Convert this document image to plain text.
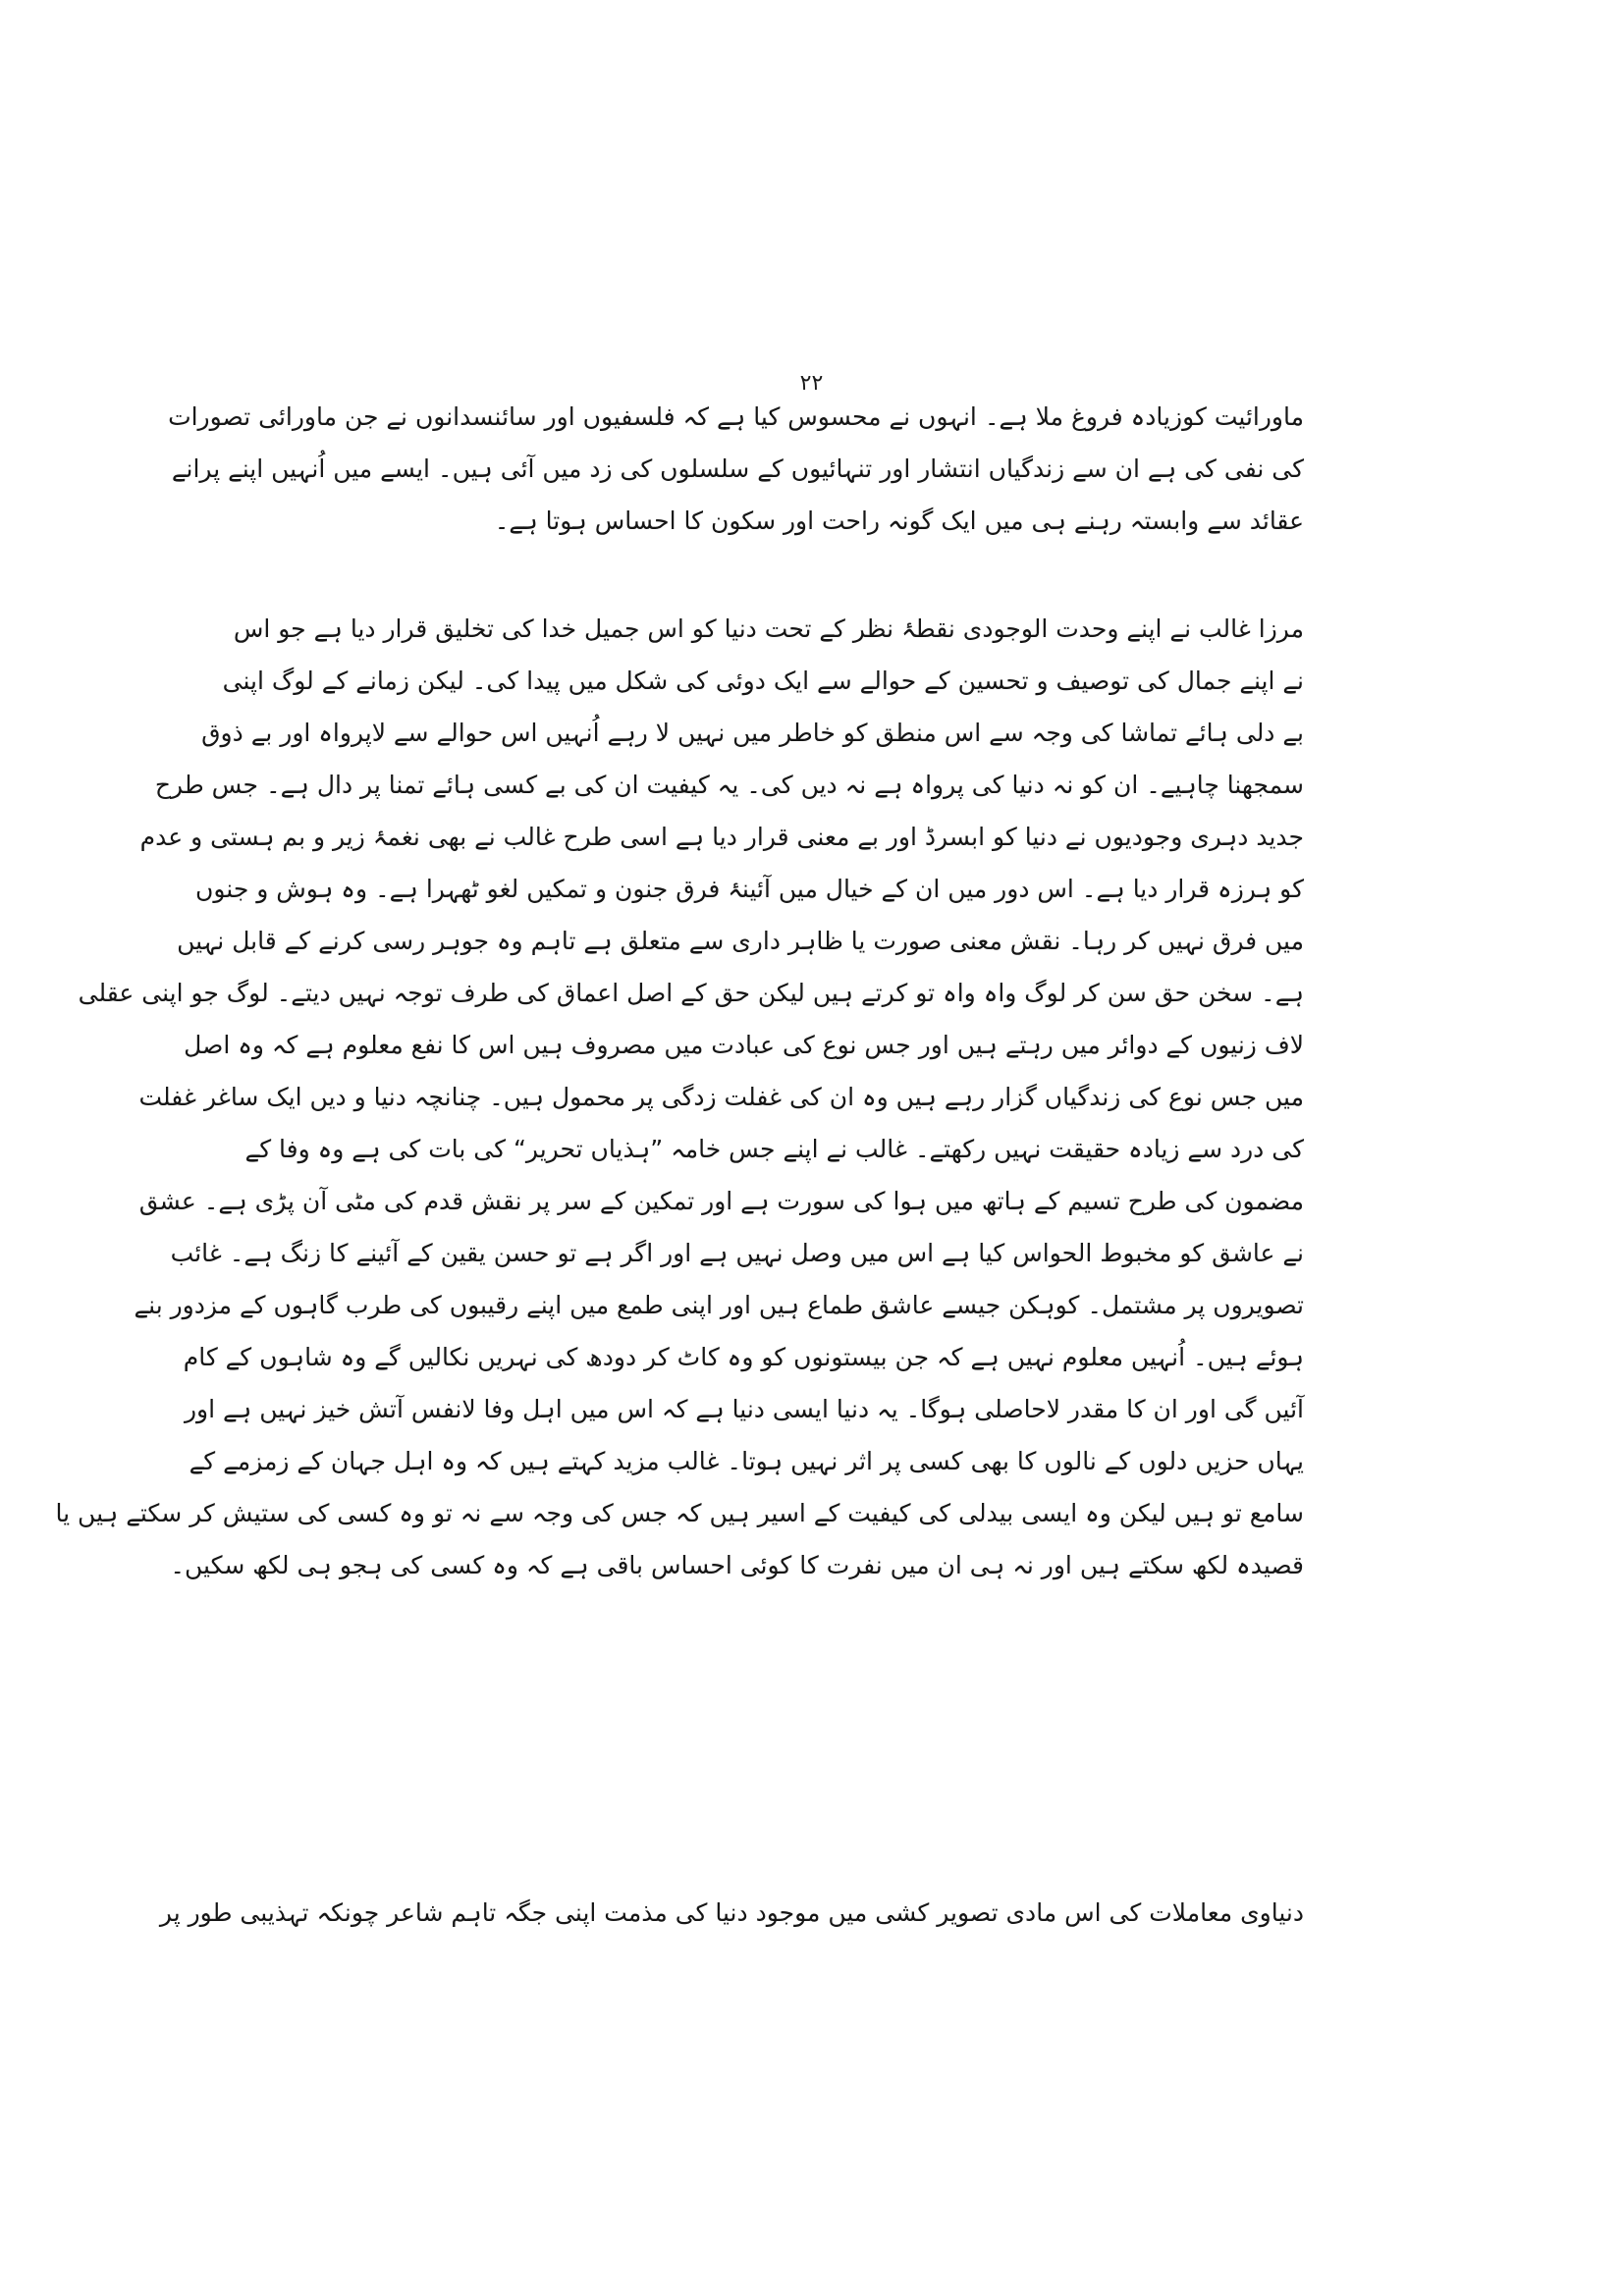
۲۲
ماورائیت کوزیادہ فروغ ملا ہے۔ انہوں نے محسوس کیا ہے کہ فلسفیوں اور سائنسدانوں نے جن ماورائی تصورات
کی نفی کی ہے ان سے زندگیاں انتشار اور تنہائیوں کے سلسلوں کی زد میں آئی ہیں۔ ایسے میں اُنہیں اپنے پرانے
عقائد سے وابستہ رہنے ہی میں ایک گونہ راحت اور سکون کا احساس ہوتا ہے۔
مرزا غالب نے اپنے وحدت الوجودی نقطۂ نظر کے تحت دنیا کو اس جمیل خدا کی تخلیق قرار دیا ہے جو اس
نے اپنے جمال کی توصیف و تحسین کے حوالے سے ایک دوئی کی شکل میں پیدا کی۔ لیکن زمانے کے لوگ اپنی
بے دلی ہائے تماشا کی وجہ سے اس منطق کو خاطر میں نہیں لا رہے اُنہیں اس حوالے سے لاپرواہ اور بے ذوق
سمجھنا چاہیے۔ ان کو نہ دنیا کی پرواہ ہے نہ دیں کی۔ یہ کیفیت ان کی بے کسی ہائے تمنا پر دال ہے۔ جس طرح
جدید دہری وجودیوں نے دنیا کو ابسرڈ اور بے معنی قرار دیا ہے اسی طرح غالب نے بھی نغمۂ زیر و بم ہستی و عدم
کو ہرزہ قرار دیا ہے۔ اس دور میں ان کے خیال میں آئینۂ فرق جنون و تمکیں لغو ٹھہرا ہے۔ وہ ہوش و جنوں
میں فرق نہیں کر رہا۔ نقش معنی صورت یا ظاہر داری سے متعلق ہے تاہم وہ جوہر رسی کرنے کے قابل نہیں
ہے۔ سخن حق سن کر لوگ واہ واہ تو کرتے ہیں لیکن حق کے اصل اعماق کی طرف توجہ نہیں دیتے۔ لوگ جو اپنی عقلی
لاف زنیوں کے دوائر میں رہتے ہیں اور جس نوع کی عبادت میں مصروف ہیں اس کا نفع معلوم ہے کہ وہ اصل
میں جس نوع کی زندگیاں گزار رہے ہیں وہ ان کی غفلت زدگی پر محمول ہیں۔ چنانچہ دنیا و دیں ایک ساغر غفلت
کی درد سے زیادہ حقیقت نہیں رکھتے۔ غالب نے اپنے جس خامہ ”ہذیاں تحریر“ کی بات کی ہے وہ وفا کے
مضمون کی طرح تسیم کے ہاتھ میں ہوا کی سورت ہے اور تمکین کے سر پر نقش قدم کی مٹی آن پڑی ہے۔ عشق
نے عاشق کو مخبوط الحواس کیا ہے اس میں وصل نہیں ہے اور اگر ہے تو حسن یقین کے آئینے کا زنگ ہے۔ غائب
تصویروں پر مشتمل۔ کوہکن جیسے عاشق طماع ہیں اور اپنی طمع میں اپنے رقیبوں کی طرب گاہوں کے مزدور بنے
ہوئے ہیں۔ اُنہیں معلوم نہیں ہے کہ جن بیستونوں کو وہ کاٹ کر دودھ کی نہریں نکالیں گے وہ شاہوں کے کام
آئیں گی اور ان کا مقدر لاحاصلی ہوگا۔ یہ دنیا ایسی دنیا ہے کہ اس میں اہل وفا لانفس آتش خیز نہیں ہے اور
یہاں حزیں دلوں کے نالوں کا بھی کسی پر اثر نہیں ہوتا۔ غالب مزید کہتے ہیں کہ وہ اہل جہان کے زمزمے کے
سامع تو ہیں لیکن وہ ایسی بیدلی کی کیفیت کے اسیر ہیں کہ جس کی وجہ سے نہ تو وہ کسی کی ستیش کر سکتے ہیں یا
قصیدہ لکھ سکتے ہیں اور نہ ہی ان میں نفرت کا کوئی احساس باقی ہے کہ وہ کسی کی ہجو ہی لکھ سکیں۔
دنیاوی معاملات کی اس مادی تصویر کشی میں موجود دنیا کی مذمت اپنی جگہ تاہم شاعر چونکہ تہذیبی طور پر
